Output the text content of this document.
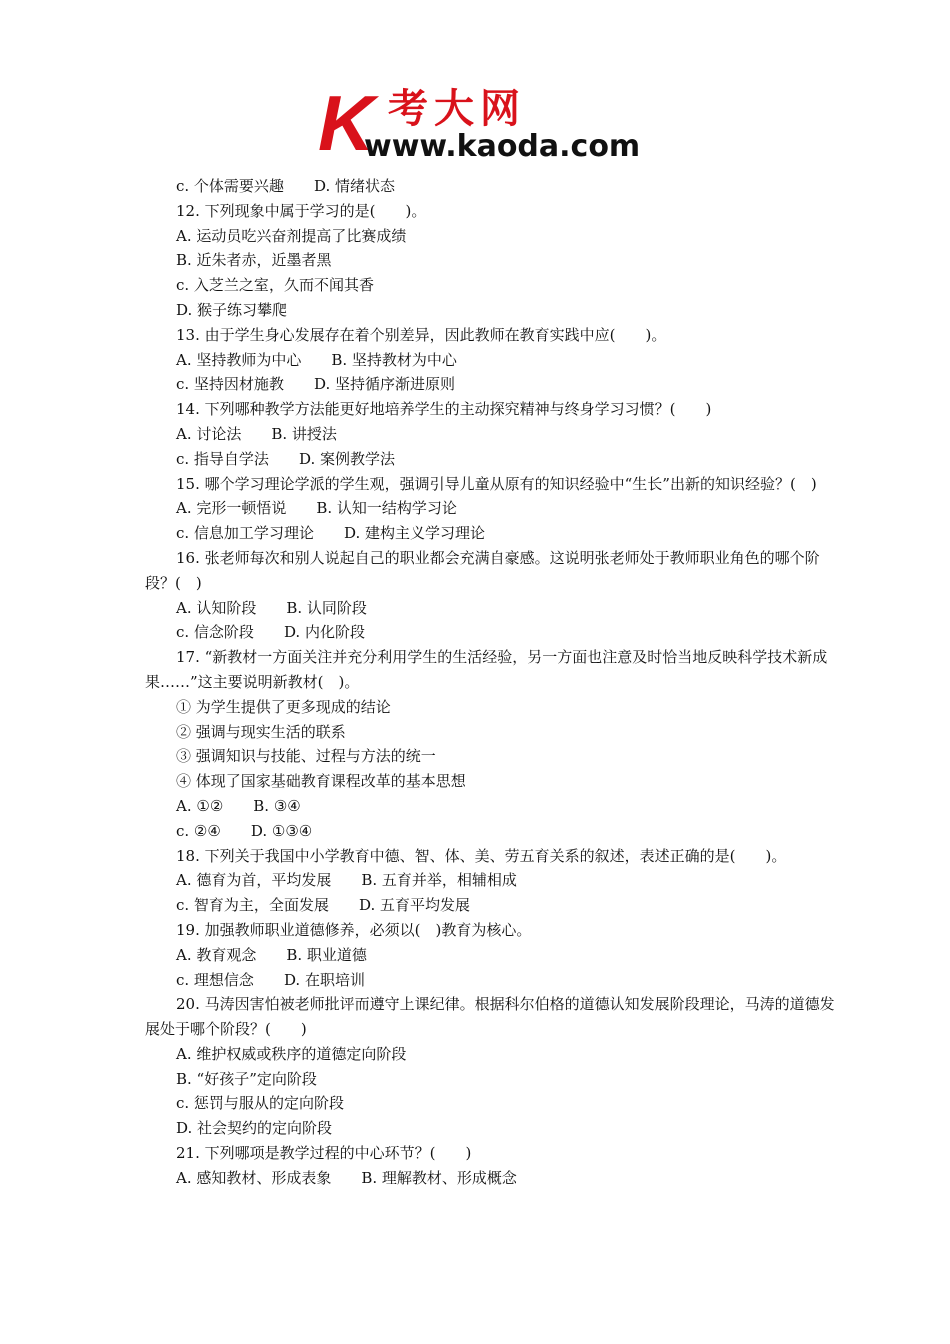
K 考大网
www.kaoda.com
c. 个体需要兴趣 D. 情绪状态
12. 下列现象中属于学习的是(　　)。
A. 运动员吃兴奋剂提高了比赛成绩
B. 近朱者赤，近墨者黑
c. 入芝兰之室，久而不闻其香
D. 猴子练习攀爬
13. 由于学生身心发展存在着个别差异，因此教师在教育实践中应(　　)。
A. 坚持教师为中心 B. 坚持教材为中心
c. 坚持因材施教 D. 坚持循序渐进原则
14. 下列哪种教学方法能更好地培养学生的主动探究精神与终身学习习惯？(　　)
A. 讨论法 B. 讲授法
c. 指导自学法 D. 案例教学法
15. 哪个学习理论学派的学生观，强调引导儿童从原有的知识经验中“生长”出新的知识经验？(　)
A. 完形一顿悟说 B. 认知一结构学习论
c. 信息加工学习理论 D. 建构主义学习理论
16. 张老师每次和别人说起自己的职业都会充满自豪感。这说明张老师处于教师职业角色的哪个阶段？(　)
A. 认知阶段 B. 认同阶段
c. 信念阶段 D. 内化阶段
17. “新教材一方面关注并充分利用学生的生活经验，另一方面也注意及时恰当地反映科学技术新成果……”这主要说明新教材(　)。
① 为学生提供了更多现成的结论
② 强调与现实生活的联系
③ 强调知识与技能、过程与方法的统一
④ 体现了国家基础教育课程改革的基本思想
A. ①② B. ③④
c. ②④ D. ①③④
18. 下列关于我国中小学教育中德、智、体、美、劳五育关系的叙述，表述正确的是(　　)。
A. 德育为首，平均发展 B. 五育并举，相辅相成
c. 智育为主，全面发展 D. 五育平均发展
19. 加强教师职业道德修养，必须以(　)教育为核心。
A. 教育观念 B. 职业道德
c. 理想信念 D. 在职培训
20. 马涛因害怕被老师批评而遵守上课纪律。根据科尔伯格的道德认知发展阶段理论，马涛的道德发展处于哪个阶段？(　　)
A. 维护权威或秩序的道德定向阶段
B. “好孩子”定向阶段
c. 惩罚与服从的定向阶段
D. 社会契约的定向阶段
21. 下列哪项是教学过程的中心环节？(　　)
A. 感知教材、形成表象 B. 理解教材、形成概念
